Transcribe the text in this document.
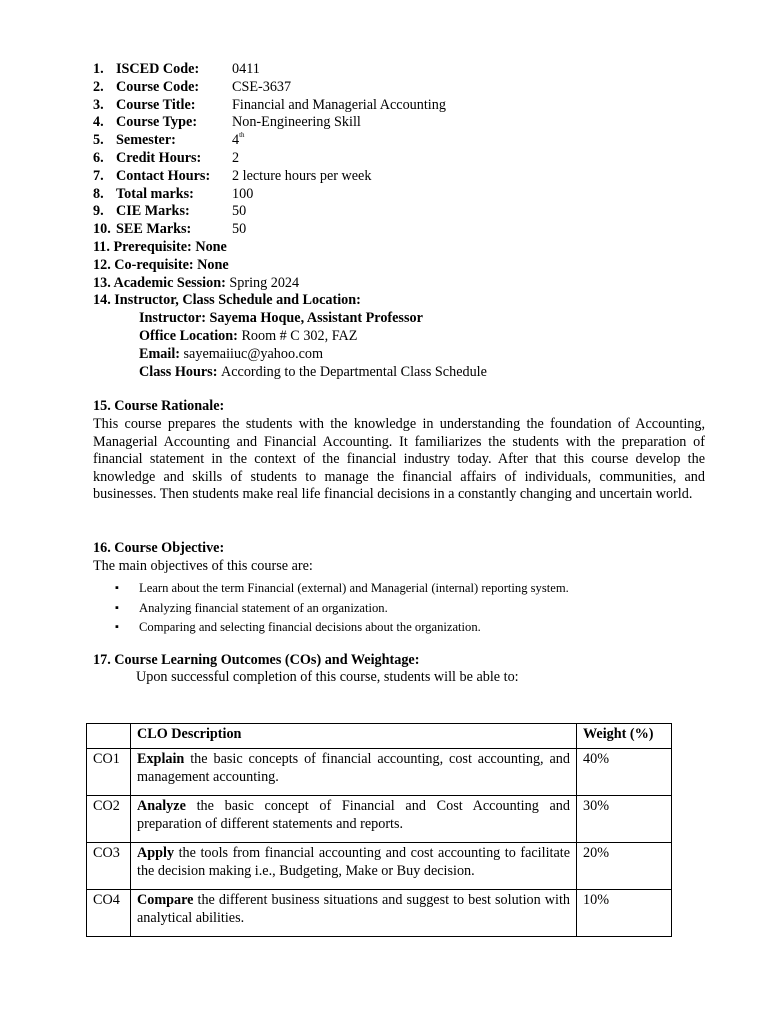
1. ISCED Code:	0411
2. Course Code:	CSE-3637
3. Course Title:	Financial and Managerial Accounting
4. Course Type:	Non-Engineering Skill
5. Semester:	4th
6. Credit Hours:	2
7. Contact Hours:	2 lecture hours per week
8. Total marks:	100
9. CIE Marks:	50
10. SEE Marks:	50
11. Prerequisite: None
12. Co-requisite: None
13. Academic Session:
Spring 2024
14. Instructor, Class Schedule and Location:
Instructor: Sayema Hoque, Assistant Professor
Office Location:
Room # C 302, FAZ
Email:
sayemaiiuc@yahoo.com
Class Hours:
According to the Departmental Class Schedule
15. Course Rationale:
This course prepares the students with the knowledge in understanding the foundation of Accounting, Managerial Accounting and Financial Accounting. It familiarizes the students with the preparation of financial statement in the context of the financial industry today. After that this course develop the knowledge and skills of students to manage the financial affairs of individuals, communities, and businesses. Then students make real life financial decisions in a constantly changing and uncertain world.
16. Course Objective:
The main objectives of this course are:
▪ Learn about the term Financial (external) and Managerial (internal) reporting system.
▪ Analyzing financial statement of an organization.
▪ Comparing and selecting financial decisions about the organization.
17. Course Learning Outcomes (COs) and Weightage:
Upon successful completion of this course, students will be able to:
	CLO Description	Weight (%)
CO1	Explain the basic concepts of financial accounting, cost accounting, and management accounting.	40%
CO2	Analyze the basic concept of Financial and Cost Accounting and preparation of different statements and reports.	30%
CO3	Apply the tools from financial accounting and cost accounting to facilitate the decision making i.e., Budgeting, Make or Buy decision.	20%
CO4	Compare the different business situations and suggest to best solution with analytical abilities.	10%
